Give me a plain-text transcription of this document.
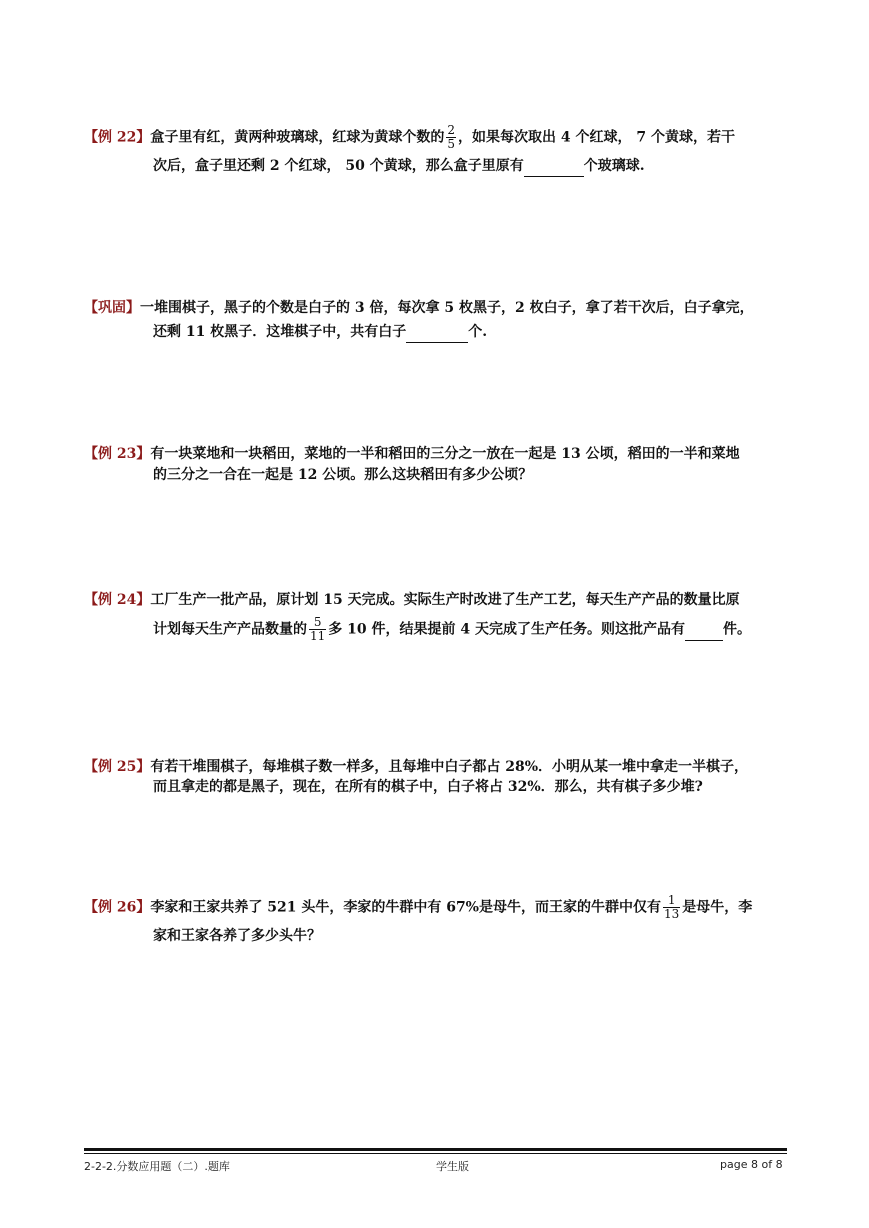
【例 22】盒子里有红，黄两种玻璃球，红球为黄球个数的 $\frac{2}{5}$ ，如果每次取出 4 个红球， 7 个黄球，若干
次后，盒子里还剩 2 个红球， 50 个黄球，那么盒子里原有	个玻璃球.
【巩固】一堆围棋子，黑子的个数是白子的 3 倍，每次拿 5 枚黑子，2 枚白子，拿了若干次后，白子拿完，
还剩 11 枚黑子．这堆棋子中，共有白子	个.
【例 23】有一块菜地和一块稻田，菜地的一半和稻田的三分之一放在一起是 13 公顷，稻田的一半和菜地
的三分之一合在一起是 12 公顷。那么这块稻田有多少公顷？
【例 24】工厂生产一批产品，原计划 15 天完成。实际生产时改进了生产工艺，每天生产产品的数量比原
计划每天生产产品数量的 $\frac{5}{11}$ 多 10 件，结果提前 4 天完成了生产任务。则这批产品有	件。
【例 25】有若干堆围棋子，每堆棋子数一样多，且每堆中白子都占 28%．小明从某一堆中拿走一半棋子，
而且拿走的都是黑子，现在，在所有的棋子中，白子将占 32%．那么，共有棋子多少堆?
【例 26】李家和王家共养了 521 头牛，李家的牛群中有 67%是母牛，而王家的牛群中仅有 $\frac{1}{13}$ 是母牛，李
家和王家各养了多少头牛？
2-2-2.分数应用题（二）.题库	学生版	page 8 of 8
